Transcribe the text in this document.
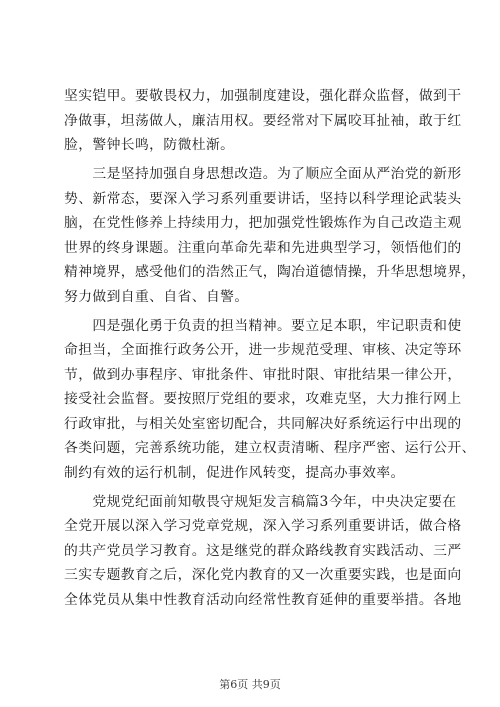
坚实铠甲。要敬畏权力，加强制度建设，强化群众监督，做到干
净做事，坦荡做人，廉洁用权。要经常对下属咬耳扯袖，敢于红
脸，警钟长鸣，防微杜渐。
　　三是坚持加强自身思想改造。为了顺应全面从严治党的新形
势、新常态，要深入学习系列重要讲话，坚持以科学理论武装头
脑，在党性修养上持续用力，把加强党性锻炼作为自己改造主观
世界的终身课题。注重向革命先辈和先进典型学习，领悟他们的
精神境界，感受他们的浩然正气，陶冶道德情操，升华思想境界，
努力做到自重、自省、自警。
　　四是强化勇于负责的担当精神。要立足本职，牢记职责和使
命担当，全面推行政务公开，进一步规范受理、审核、决定等环
节，做到办事程序、审批条件、审批时限、审批结果一律公开，
接受社会监督。要按照厅党组的要求，攻难克坚，大力推行网上
行政审批，与相关处室密切配合，共同解决好系统运行中出现的
各类问题，完善系统功能，建立权责清晰、程序严密、运行公开、
制约有效的运行机制，促进作风转变，提高办事效率。
　　党规党纪面前知敬畏守规矩发言稿篇3今年，中央决定要在
全党开展以深入学习党章党规，深入学习系列重要讲话，做合格
的共产党员学习教育。这是继党的群众路线教育实践活动、三严
三实专题教育之后，深化党内教育的又一次重要实践，也是面向
全体党员从集中性教育活动向经常性教育延伸的重要举措。各地
第6页 共9页
